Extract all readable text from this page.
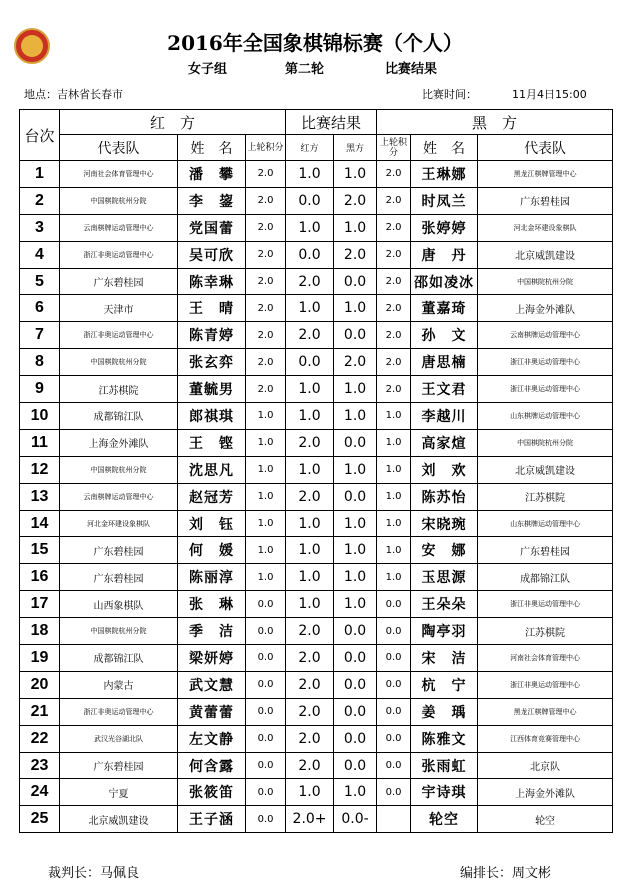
2016年全国象棋锦标赛（个人）
女子组	第二轮	比赛结果
地点：吉林省长春市	比赛时间：	11月4日15:00
台次	红　方			比赛结果		黑　方		
	代表队	姓　名	上轮积分	红方	黑方	上轮积分	姓　名	代表队
1	河南社会体育管理中心	潘　攀	2.0	1.0	1.0	2.0	王琳娜	黑龙江棋牌管理中心
2	中国棋院杭州分院	李　鋆	2.0	0.0	2.0	2.0	时凤兰	广东碧桂园
3	云南棋牌运动管理中心	党国蕾	2.0	1.0	1.0	2.0	张婷婷	河北金环建设象棋队
4	浙江非奥运动管理中心	吴可欣	2.0	0.0	2.0	2.0	唐　丹	北京威凯建设
5	广东碧桂园	陈幸琳	2.0	2.0	0.0	2.0	邵如凌冰	中国棋院杭州分院
6	天津市	王　晴	2.0	1.0	1.0	2.0	董嘉琦	上海金外滩队
7	浙江非奥运动管理中心	陈青婷	2.0	2.0	0.0	2.0	孙　文	云南棋牌运动管理中心
8	中国棋院杭州分院	张玄弈	2.0	0.0	2.0	2.0	唐思楠	浙江非奥运动管理中心
9	江苏棋院	董毓男	2.0	1.0	1.0	2.0	王文君	浙江非奥运动管理中心
10	成都锦江队	郎祺琪	1.0	1.0	1.0	1.0	李越川	山东棋牌运动管理中心
11	上海金外滩队	王　铿	1.0	2.0	0.0	1.0	高家煊	中国棋院杭州分院
12	中国棋院杭州分院	沈思凡	1.0	1.0	1.0	1.0	刘　欢	北京威凯建设
13	云南棋牌运动管理中心	赵冠芳	1.0	2.0	0.0	1.0	陈苏怡	江苏棋院
14	河北金环建设象棋队	刘　钰	1.0	1.0	1.0	1.0	宋晓琬	山东棋牌运动管理中心
15	广东碧桂园	何　媛	1.0	1.0	1.0	1.0	安　娜	广东碧桂园
16	广东碧桂园	陈丽淳	1.0	1.0	1.0	1.0	玉思源	成都锦江队
17	山西象棋队	张　琳	0.0	1.0	1.0	0.0	王朵朵	浙江非奥运动管理中心
18	中国棋院杭州分院	季　洁	0.0	2.0	0.0	0.0	陶亭羽	江苏棋院
19	成都锦江队	梁妍婷	0.0	2.0	0.0	0.0	宋　洁	河南社会体育管理中心
20	内蒙古	武文慧	0.0	2.0	0.0	0.0	杭　宁	浙江非奥运动管理中心
21	浙江非奥运动管理中心	黄蕾蕾	0.0	2.0	0.0	0.0	姜　瑀	黑龙江棋牌管理中心
22	武汉光谷湖北队	左文静	0.0	2.0	0.0	0.0	陈雅文	江西体育竞赛管理中心
23	广东碧桂园	何含露	0.0	2.0	0.0	0.0	张雨虹	北京队
24	宁夏	张筱笛	0.0	1.0	1.0	0.0	宇诗琪	上海金外滩队
25	北京威凯建设	王子涵	0.0	2.0+	0.0-		轮空	轮空
裁判长：马佩良	编排长：周文彬
